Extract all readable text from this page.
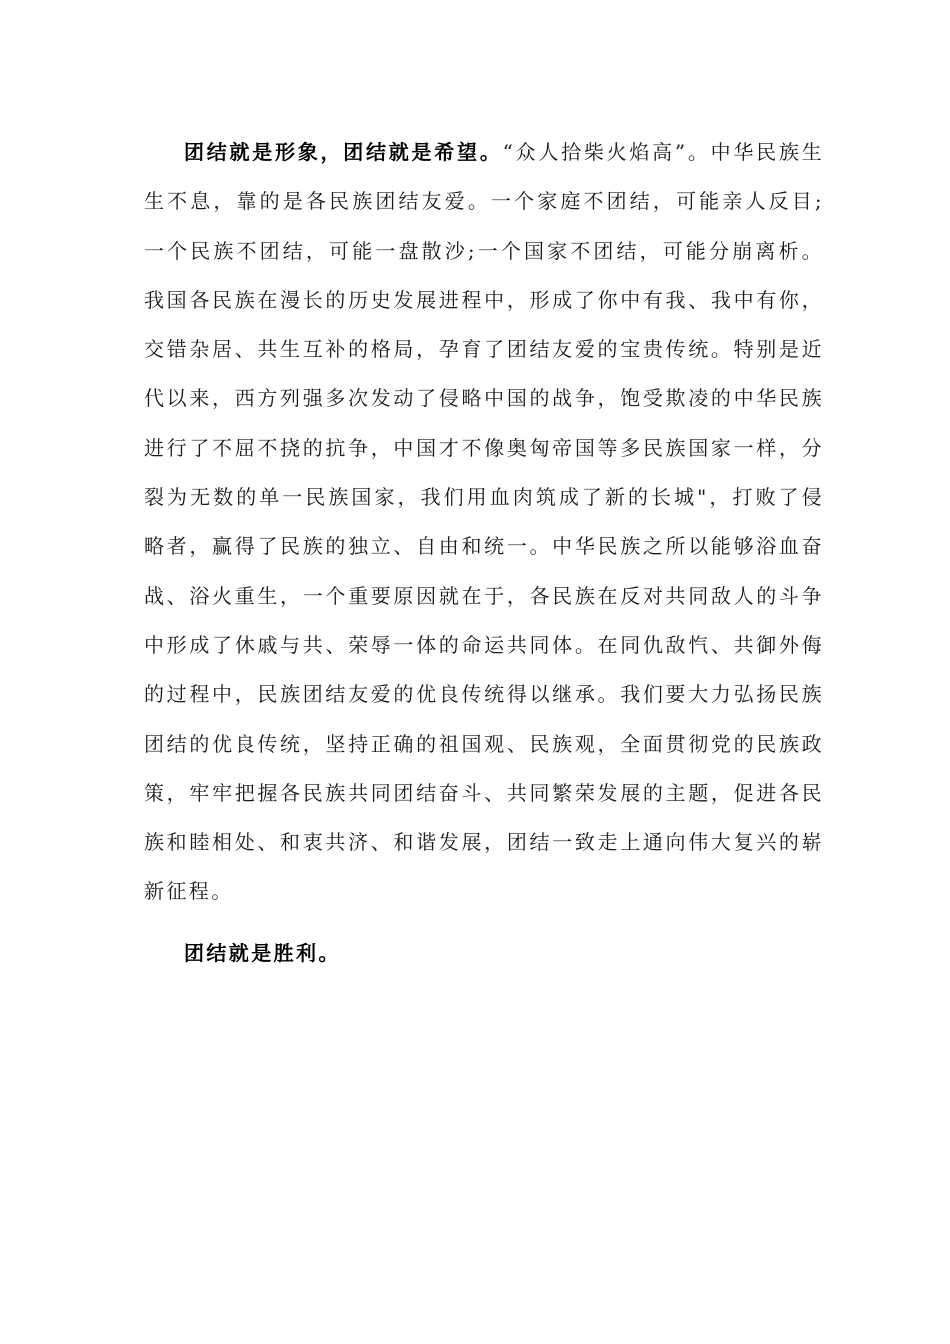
团结就是形象，团结就是希望。“众人拾柴火焰高”。中华民族生生不息，靠的是各民族团结友爱。一个家庭不团结，可能亲人反目;一个民族不团结，可能一盘散沙;一个国家不团结，可能分崩离析。我国各民族在漫长的历史发展进程中，形成了你中有我、我中有你，交错杂居、共生互补的格局，孕育了团结友爱的宝贵传统。特别是近代以来，西方列强多次发动了侵略中国的战争，饱受欺凌的中华民族进行了不屈不挠的抗争，中国才不像奥匈帝国等多民族国家一样，分裂为无数的单一民族国家，我们用血肉筑成了新的长城"，打败了侵略者，赢得了民族的独立、自由和统一。中华民族之所以能够浴血奋战、浴火重生，一个重要原因就在于，各民族在反对共同敌人的斗争中形成了休戚与共、荣辱一体的命运共同体。在同仇敌忾、共御外侮的过程中，民族团结友爱的优良传统得以继承。我们要大力弘扬民族团结的优良传统，坚持正确的祖国观、民族观，全面贯彻党的民族政策，牢牢把握各民族共同团结奋斗、共同繁荣发展的主题，促进各民族和睦相处、和衷共济、和谐发展，团结一致走上通向伟大复兴的崭新征程。

团结就是胜利。
